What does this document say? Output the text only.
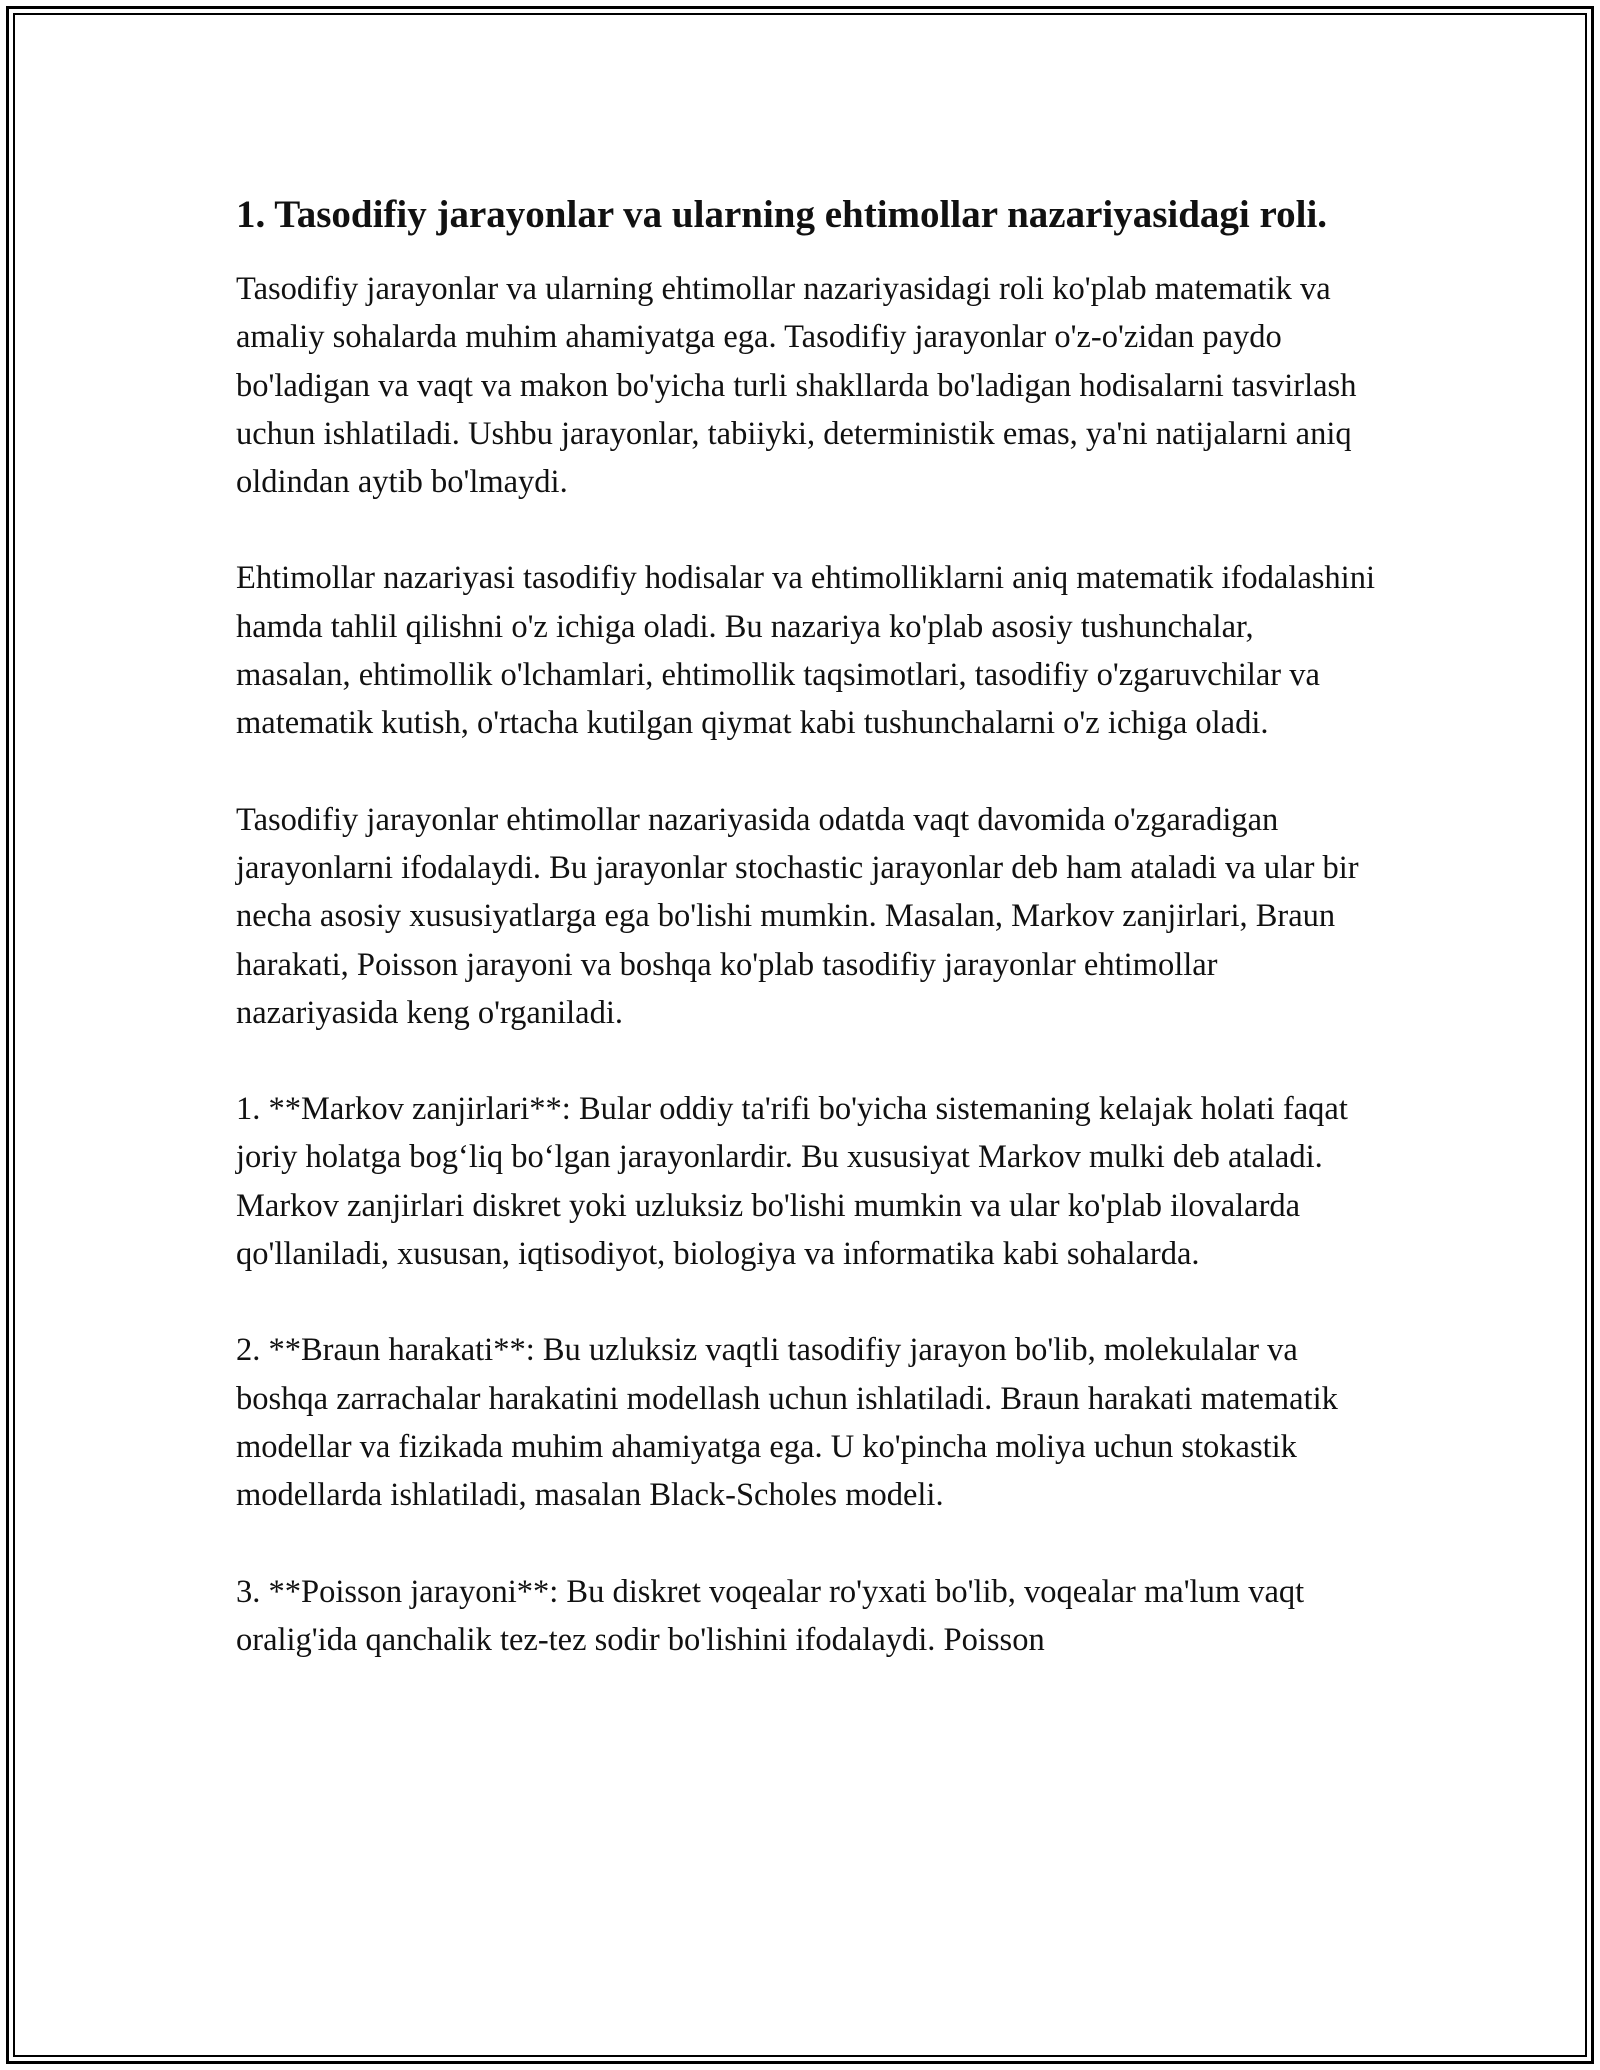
1. Tasodifiy jarayonlar va ularning ehtimollar nazariyasidagi roli.

Tasodifiy jarayonlar va ularning ehtimollar nazariyasidagi roli ko'plab matematik va amaliy sohalarda muhim ahamiyatga ega. Tasodifiy jarayonlar o'z-o'zidan paydo bo'ladigan va vaqt va makon bo'yicha turli shakllarda bo'ladigan hodisalarni tasvirlash uchun ishlatiladi. Ushbu jarayonlar, tabiiyki, deterministik emas, ya'ni natijalarni aniq oldindan aytib bo'lmaydi.

Ehtimollar nazariyasi tasodifiy hodisalar va ehtimolliklarni aniq matematik ifodalashini hamda tahlil qilishni o'z ichiga oladi. Bu nazariya ko'plab asosiy tushunchalar, masalan, ehtimollik o'lchamlari, ehtimollik taqsimotlari, tasodifiy o'zgaruvchilar va matematik kutish, o'rtacha kutilgan qiymat kabi tushunchalarni o'z ichiga oladi.

Tasodifiy jarayonlar ehtimollar nazariyasida odatda vaqt davomida o'zgaradigan jarayonlarni ifodalaydi. Bu jarayonlar stochastic jarayonlar deb ham ataladi va ular bir necha asosiy xususiyatlarga ega bo'lishi mumkin. Masalan, Markov zanjirlari, Braun harakati, Poisson jarayoni va boshqa ko'plab tasodifiy jarayonlar ehtimollar nazariyasida keng o'rganiladi.

1. **Markov zanjirlari**: Bular oddiy ta'rifi bo'yicha sistemaning kelajak holati faqat joriy holatga bog‘liq bo‘lgan jarayonlardir. Bu xususiyat Markov mulki deb ataladi. Markov zanjirlari diskret yoki uzluksiz bo'lishi mumkin va ular ko'plab ilovalarda qo'llaniladi, xususan, iqtisodiyot, biologiya va informatika kabi sohalarda.

2. **Braun harakati**: Bu uzluksiz vaqtli tasodifiy jarayon bo'lib, molekulalar va boshqa zarrachalar harakatini modellash uchun ishlatiladi. Braun harakati matematik modellar va fizikada muhim ahamiyatga ega. U ko'pincha moliya uchun stokastik modellarda ishlatiladi, masalan Black-Scholes modeli.

3. **Poisson jarayoni**: Bu diskret voqealar ro'yxati bo'lib, voqealar ma'lum vaqt oralig'ida qanchalik tez-tez sodir bo'lishini ifodalaydi. Poisson
